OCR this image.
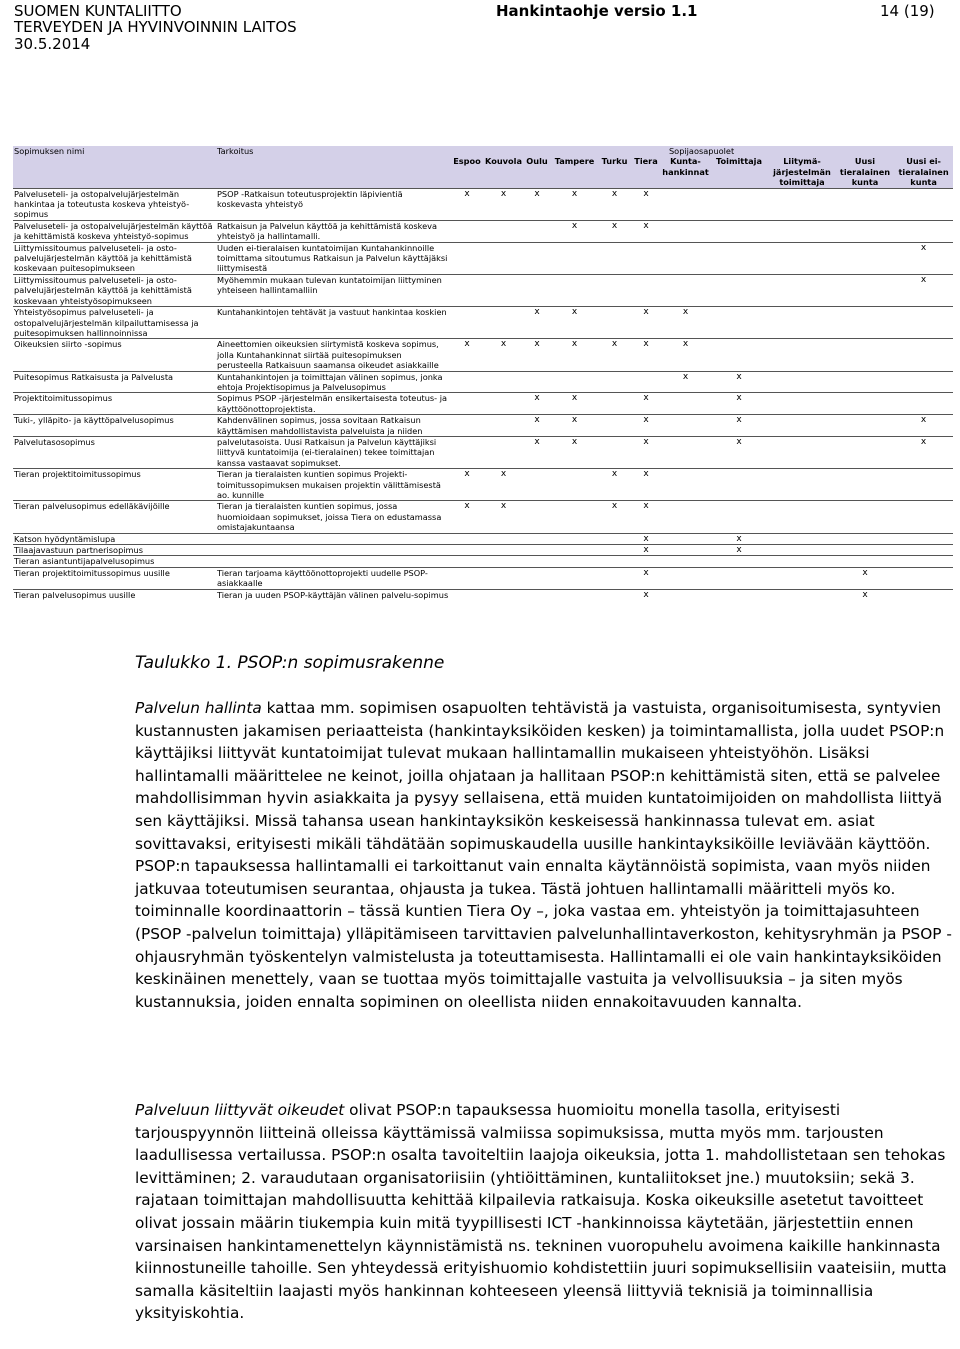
SUOMEN KUNTALIITTO
TERVEYDEN JA HYVINVOINNIN LAITOS
30.5.2014
Hankintaohje versio 1.1	14 (19)
Sopimuksen nimi	Tarkoitus	Sopijaosapuolet										
		Espoo	Kouvola	Oulu	Tampere	Turku	Tiera	Kunta-hankinnat	Toimittaja	Liitymä-järjestelmän toimittaja	Uusi tieralainen kunta	Uusi ei-tieralainen kunta
Palveluseteli- ja ostopalvelujärjestelmän hankintaa ja toteutusta koskeva yhteistyö-sopimus	PSOP -Ratkaisun toteutusprojektin läpivientiä koskevasta yhteistyö	x	x	x	x	x	x					
Palveluseteli- ja ostopalvelujärjestelmän käyttöä ja kehittämistä koskeva yhteistyö-sopimus	Ratkaisun ja Palvelun käyttöä ja kehittämistä koskeva yhteistyö ja hallintamalli.				x	x	x					
Liittymissitoumus palveluseteli- ja osto-palvelujärjestelmän käyttöä ja kehittämistä koskevaan puitesopimukseen	Uuden ei-tieralaisen kuntatoimijan Kuntahankinnoille toimittama sitoutumus Ratkaisun ja Palvelun käyttäjäksi liittymisestä											x
Liittymissitoumus palveluseteli- ja osto-palvelujärjestelmän käyttöä ja kehittämistä koskevaan yhteistyösopimukseen	Myöhemmin mukaan tulevan kuntatoimijan liittyminen yhteiseen hallintamalliin											x
Yhteistyösopimus palveluseteli- ja ostopalvelujärjestelmän kilpailuttamisessa ja puitesopimuksen hallinnoinnissa	Kuntahankintojen tehtävät ja vastuut hankintaa koskien			x	x		x	x				
Oikeuksien siirto -sopimus	Aineettomien oikeuksien siirtymistä koskeva sopimus, jolla Kuntahankinnat siirtää puitesopimuksen perusteella Ratkaisuun saamansa oikeudet asiakkaille	x	x	x	x	x	x	x				
Puitesopimus Ratkaisusta ja Palvelusta	Kuntahankintojen ja toimittajan välinen sopimus, jonka ehtoja Projektisopimus ja Palvelusopimus							x	x			
Projektitoimitussopimus	Sopimus PSOP -järjestelmän ensikertaisesta toteutus- ja käyttöönottoprojektista.			x	x		x		x			
Tuki-, ylläpito- ja käyttöpalvelusopimus	Kahdenvälinen sopimus, jossa sovitaan Ratkaisun käyttämisen mahdollistavista palveluista ja niiden			x	x		x		x			x
Palvelutasosopimus	palvelutasoista. Uusi Ratkaisun ja Palvelun käyttäjiksi liittyvä kuntatoimija (ei-tieralainen) tekee toimittajan kanssa vastaavat sopimukset.			x	x		x		x			x
Tieran projektitoimitussopimus	Tieran ja tieralaisten kuntien sopimus Projekti-toimitussopimuksen mukaisen projektin välittämisestä ao. kunnille	x	x			x	x					
Tieran palvelusopimus edelläkävijöille	Tieran ja tieralaisten kuntien sopimus, jossa huomioidaan sopimukset, joissa Tiera on edustamassa omistajakuntaansa	x	x			x	x					
Katson hyödyntämislupa							x		x			
Tilaajavastuun partnerisopimus							x		x			
Tieran asiantuntijapalvelusopimus												
Tieran projektitoimitussopimus uusille	Tieran tarjoama käyttöönottoprojekti uudelle PSOP-asiakkaalle						x				x	
Tieran palvelusopimus uusille	Tieran ja uuden PSOP-käyttäjän välinen palvelu-sopimus						x				x	
Taulukko 1. PSOP:n sopimusrakenne

Palvelun hallinta kattaa mm. sopimisen osapuolten tehtävistä ja vastuista, organisoitumisesta, syntyvien kustannusten jakamisen periaatteista (hankintayksiköiden kesken) ja toimintamallista, jolla uudet PSOP:n käyttäjiksi liittyvät kuntatoimijat tulevat mukaan hallintamallin mukaiseen yhteistyöhön. Lisäksi hallintamalli määrittelee ne keinot, joilla ohjataan ja hallitaan PSOP:n kehittämistä siten, että se palvelee mahdollisimman hyvin asiakkaita ja pysyy sellaisena, että muiden kuntatoimijoiden on mahdollista liittyä sen käyttäjiksi. Missä tahansa usean hankintayksikön keskeisessä hankinnassa tulevat em. asiat sovittavaksi, erityisesti mikäli tähdätään sopimuskaudella uusille hankintayksiköille leviävään käyttöön. PSOP:n tapauksessa hallintamalli ei tarkoittanut vain ennalta käytännöistä sopimista, vaan myös niiden jatkuvaa toteutumisen seurantaa, ohjausta ja tukea. Tästä johtuen hallintamalli määritteli myös ko. toiminnalle koordinaattorin – tässä kuntien Tiera Oy –, joka vastaa em. yhteistyön ja toimittajasuhteen (PSOP -palvelun toimittaja) ylläpitämiseen tarvittavien palvelunhallintaverkoston, kehitysryhmän ja PSOP -ohjausryhmän työskentelyn valmistelusta ja toteuttamisesta. Hallintamalli ei ole vain hankintayksiköiden keskinäinen menettely, vaan se tuottaa myös toimittajalle vastuita ja velvollisuuksia – ja siten myös kustannuksia, joiden ennalta sopiminen on oleellista niiden ennakoitavuuden kannalta.

Palveluun liittyvät oikeudet olivat PSOP:n tapauksessa huomioitu monella tasolla, erityisesti tarjouspyynnön liitteinä olleissa käyttämissä valmiissa sopimuksissa, mutta myös mm. tarjousten laadullisessa vertailussa. PSOP:n osalta tavoiteltiin laajoja oikeuksia, jotta 1. mahdollistetaan sen tehokas levittäminen; 2. varaudutaan organisatoriisiin (yhtiöittäminen, kuntaliitokset jne.) muutoksiin; sekä 3. rajataan toimittajan mahdollisuutta kehittää kilpailevia ratkaisuja. Koska oikeuksille asetetut tavoitteet olivat jossain määrin tiukempia kuin mitä tyypillisesti ICT -hankinnoissa käytetään, järjestettiin ennen varsinaisen hankintamenettelyn käynnistämistä ns. tekninen vuoropuhelu avoimena kaikille hankinnasta kiinnostuneille tahoille. Sen yhteydessä erityishuomio kohdistettiin juuri sopimuksellisiin vaateisiin, mutta samalla käsiteltiin laajasti myös hankinnan kohteeseen yleensä liittyviä teknisiä ja toiminnallisia yksityiskohtia.
